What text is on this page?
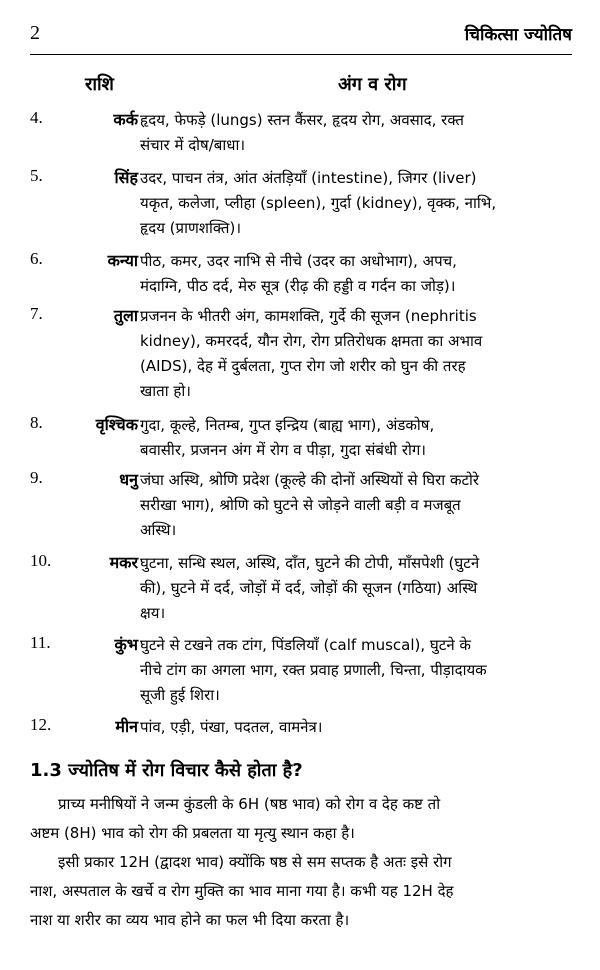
2	चिकित्सा ज्योतिष
राशि	अंग व रोग
4.	कर्क हृदय, फेफड़े (lungs) स्तन कैंसर, हृदय रोग, अवसाद, रक्त
संचार में दोष/बाधा।
5.	सिंह उदर, पाचन तंत्र, आंत अंतड़ियाँ (intestine), जिगर (liver)
यकृत, कलेजा, प्लीहा (spleen), गुर्दा (kidney), वृक्क, नाभि,
हृदय (प्राणशक्ति)।
6.	कन्या पीठ, कमर, उदर नाभि से नीचे (उदर का अधोभाग), अपच,
मंदाग्नि, पीठ दर्द, मेरु सूत्र (रीढ़ की हड्डी व गर्दन का जोड़)।
7.	तुला प्रजनन के भीतरी अंग, कामशक्ति, गुर्दे की सूजन (nephritis
kidney), कमरदर्द, यौन रोग, रोग प्रतिरोधक क्षमता का अभाव
(AIDS), देह में दुर्बलता, गुप्त रोग जो शरीर को घुन की तरह
खाता हो।
8.	वृश्चिक गुदा, कूल्हे, नितम्ब, गुप्त इन्द्रिय (बाह्य भाग), अंडकोष,
बवासीर, प्रजनन अंग में रोग व पीड़ा, गुदा संबंधी रोग।
9.	धनु जंघा अस्थि, श्रोणि प्रदेश (कूल्हे की दोनों अस्थियों से घिरा कटोरे
सरीखा भाग), श्रोणि को घुटने से जोड़ने वाली बड़ी व मजबूत
अस्थि।
10.	मकर घुटना, सन्धि स्थल, अस्थि, दाँत, घुटने की टोपी, माँसपेशी (घुटने
की), घुटने में दर्द, जोड़ों में दर्द, जोड़ों की सूजन (गठिया) अस्थि
क्षय।
11.	कुंभ घुटने से टखने तक टांग, पिंडलियाँ (calf muscal), घुटने के
नीचे टांग का अगला भाग, रक्त प्रवाह प्रणाली, चिन्ता, पीड़ादायक
सूजी हुई शिरा।
12.	मीन पांव, एड़ी, पंखा, पदतल, वामनेत्र।
1.3 ज्योतिष में रोग विचार कैसे होता है?
प्राच्य मनीषियों ने जन्म कुंडली के 6H (षष्ठ भाव) को रोग व देह कष्ट तो
अष्टम (8H) भाव को रोग की प्रबलता या मृत्यु स्थान कहा है।
इसी प्रकार 12H (द्वादश भाव) क्योंकि षष्ठ से सम सप्तक है अतः इसे रोग
नाश, अस्पताल के खर्चे व रोग मुक्ति का भाव माना गया है। कभी यह 12H देह
नाश या शरीर का व्यय भाव होने का फल भी दिया करता है।
